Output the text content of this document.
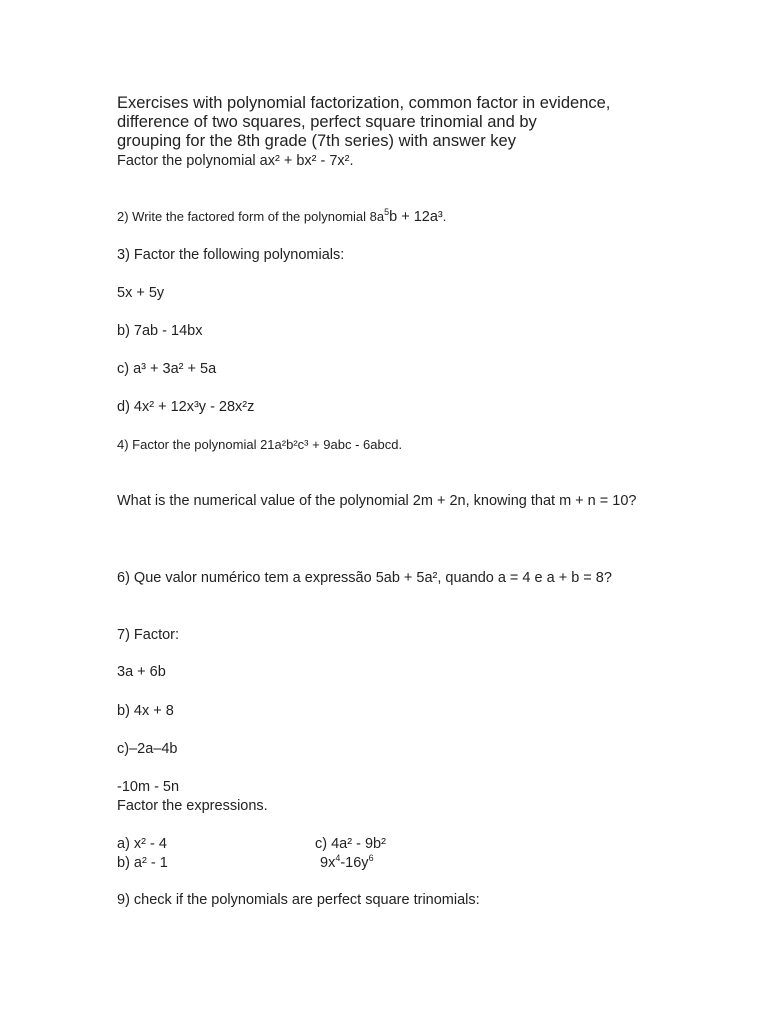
Exercises with polynomial factorization, common factor in evidence,
difference of two squares, perfect square trinomial and by
grouping for the 8th grade (7th series) with answer key
Factor the polynomial ax² + bx² - 7x².
2) Write the factored form of the polynomial $8a^5b + 12a^3$.
3) Factor the following polynomials:
5x + 5y
b) 7ab - 14bx
c) a³ + 3a² + 5a
d) 4x² + 12x³y - 28x²z
4) Factor the polynomial 21a²b²c³ + 9abc - 6abcd.
What is the numerical value of the polynomial 2m + 2n, knowing that m + n = 10?
6) Que valor numérico tem a expressão 5ab + 5a², quando a = 4 e a + b = 8?
7) Factor:
3a + 6b
b) 4x + 8
c)–2a–4b
-10m - 5n
Factor the expressions.
a) x² - 4
b) a² - 1
c) 4a² - 9b²
$9x^4-16y^6$
9) check if the polynomials are perfect square trinomials:
